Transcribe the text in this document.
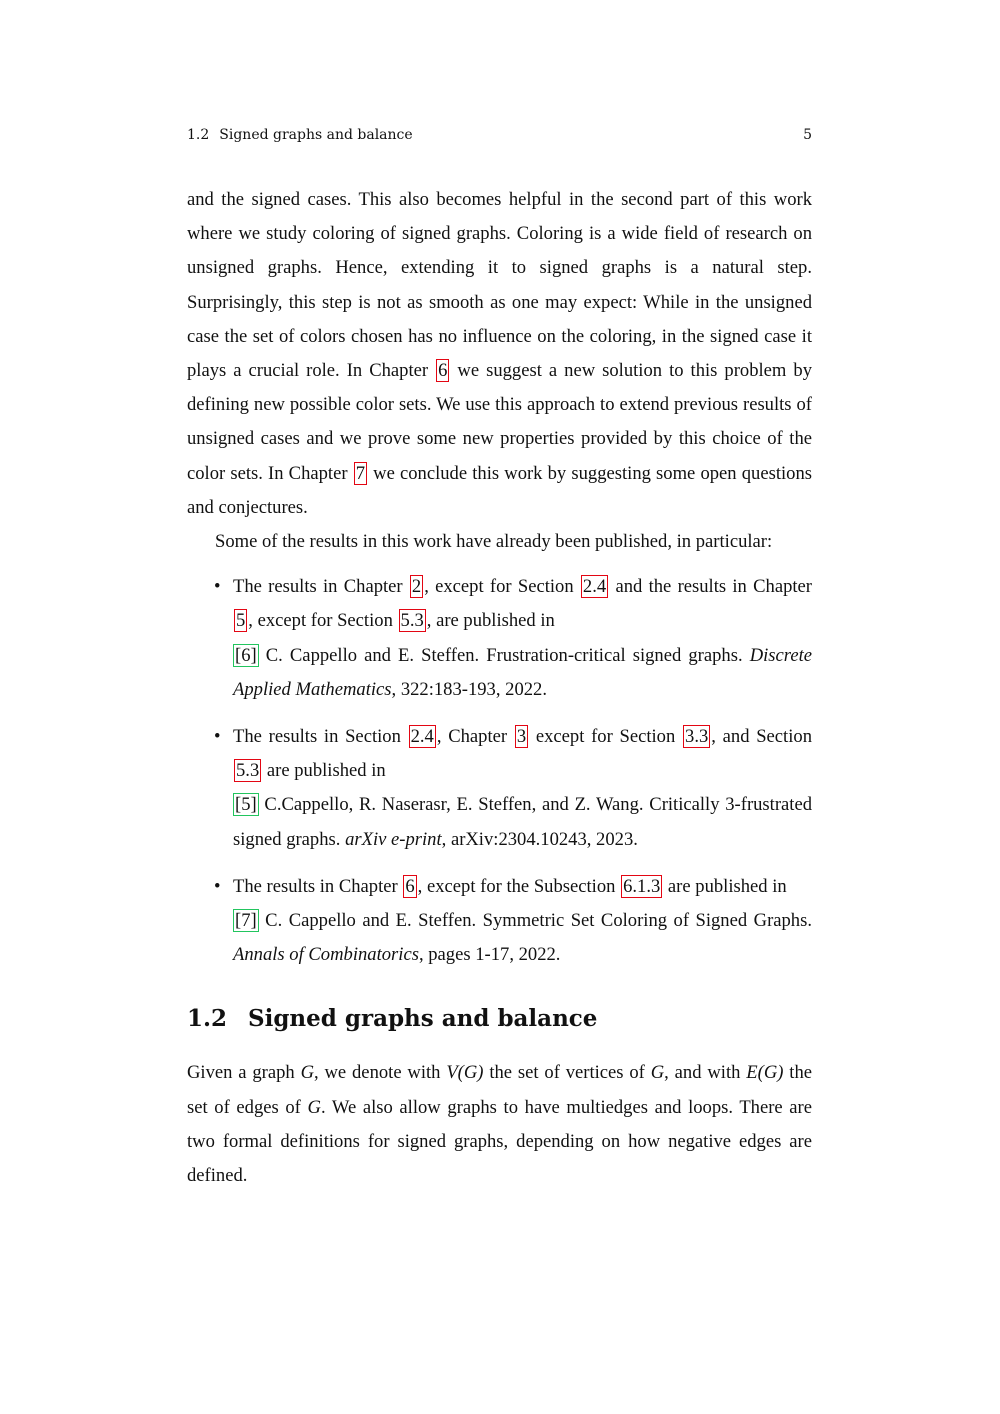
1.2 Signed graphs and balance	5

and the signed cases. This also becomes helpful in the second part of this work where we study coloring of signed graphs. Coloring is a wide field of research on unsigned graphs. Hence, extending it to signed graphs is a natural step. Surprisingly, this step is not as smooth as one may expect: While in the unsigned case the set of colors chosen has no influence on the coloring, in the signed case it plays a crucial role. In Chapter 6 we suggest a new solution to this problem by defining new possible color sets. We use this approach to extend previous results of unsigned cases and we prove some new properties provided by this choice of the color sets. In Chapter 7 we conclude this work by suggesting some open questions and conjectures.

Some of the results in this work have already been published, in particular:

• The results in Chapter 2 , except for Section 2.4 and the results in Chapter 5 , except for Section 5.3 , are published in
[6] C. Cappello and E. Steffen. Frustration-critical signed graphs. Discrete Applied Mathematics, 322:183-193, 2022.
• The results in Section 2.4 , Chapter 3 except for Section 3.3 , and Section 5.3 are published in
[5] C.Cappello, R. Naserasr, E. Steffen, and Z. Wang. Critically 3-frustrated signed graphs. arXiv e-print, arXiv:2304.10243, 2023.
• The results in Chapter 6 , except for the Subsection 6.1.3 are published in
[7] C. Cappello and E. Steffen. Symmetric Set Coloring of Signed Graphs. Annals of Combinatorics, pages 1-17, 2022.
1.2 Signed graphs and balance

Given a graph G, we denote with V(G) the set of vertices of G, and with E(G) the set of edges of G. We also allow graphs to have multiedges and loops. There are two formal definitions for signed graphs, depending on how negative edges are defined.
